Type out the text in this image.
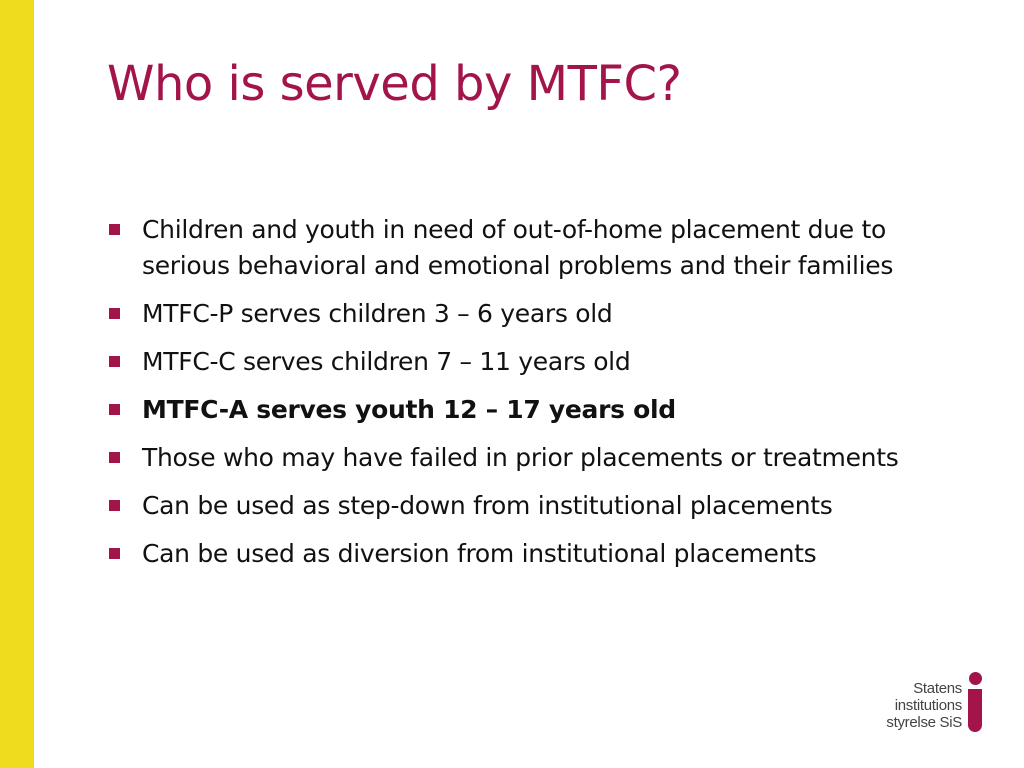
Who is served by MTFC?
Children and youth in need of out-of-home placement due to serious behavioral and emotional problems and their families
MTFC-P serves children 3 – 6 years old
MTFC-C serves children 7 – 11 years old
MTFC-A serves youth 12 – 17 years old
Those who may have failed in prior placements or treatments
Can be used as step-down from institutional placements
Can be used as diversion from institutional placements
Statens
institutions
styrelse SiS
